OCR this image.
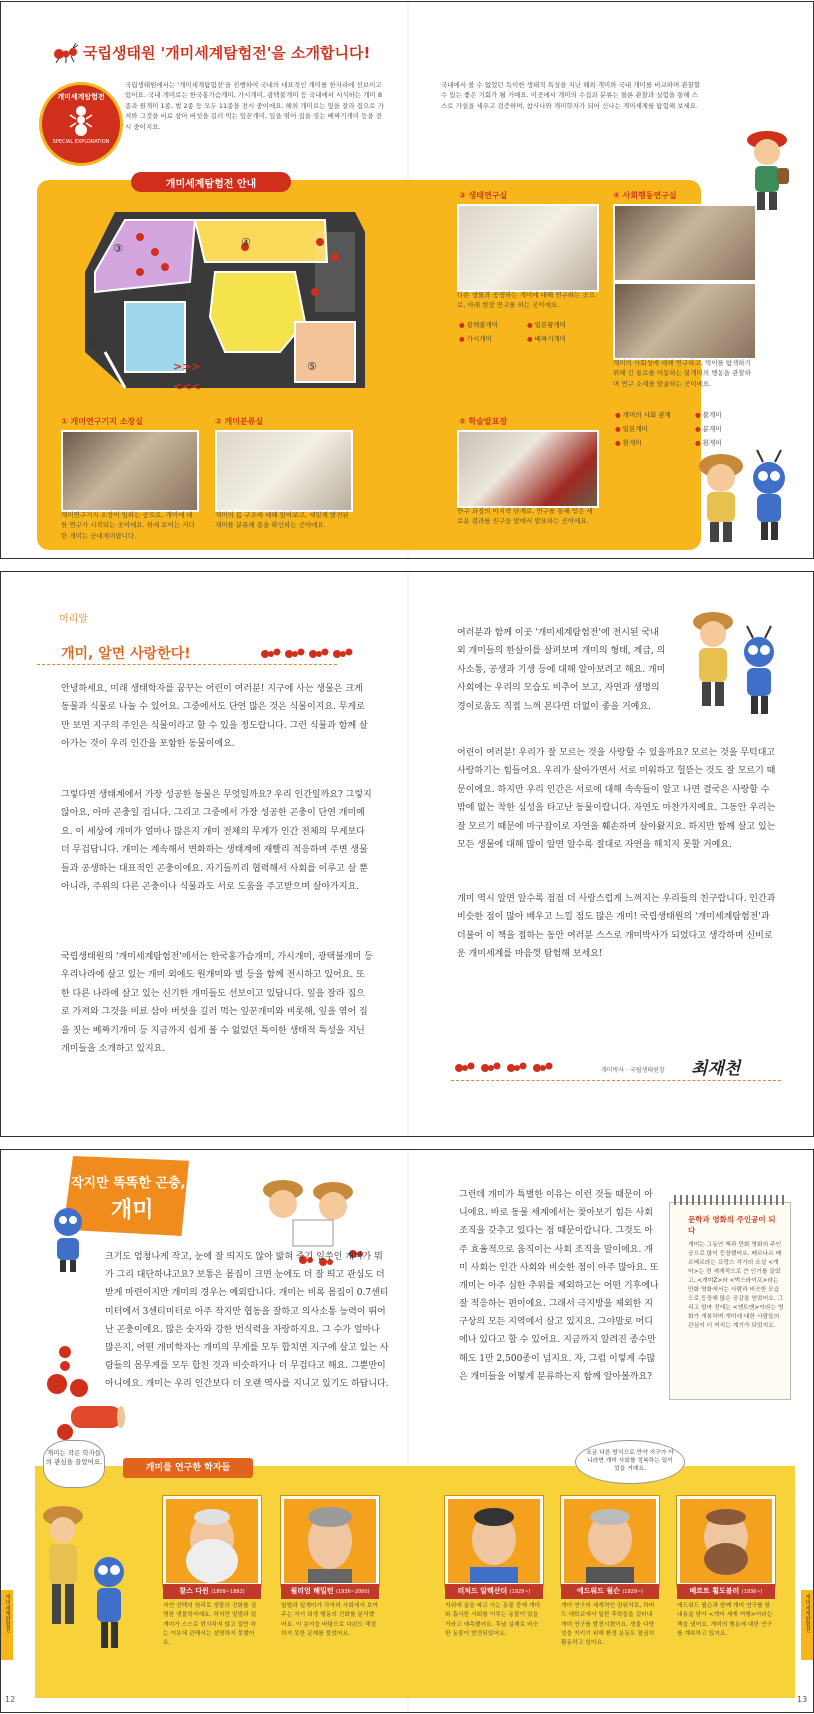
국립생태원 '개미세계탐험전'을 소개합니다!
개미세계탐험전
SPECIAL EXPLORATION
국립생태원에서는 '개미세계탐험전'을 진행하여 국내의 대표적인 개미를 한자리에 선보이고 있어요. 국내 개미로는 한국홍가슴개미, 가시개미, 광택불개미 등 국내에서 서식하는 개미 8종과 원개미 1종, 벌 2종 등 모두 11종을 전시 중이에요. 해외 개미로는 잎을 잘라 집으로 가져와 그것을 비료 삼아 버섯을 길러 먹는 잎꾼개미, 잎을 엮어 집을 짓는 베짜기개미 등을 전시 중이지요.
국내에서 볼 수 없었던 독이한 생태적 특성을 지닌 해외 개미와 국내 개미를 비교하며 관찰할 수 있는 좋은 기회가 될 거예요. 이곳에서 개미의 수집과 분류는 물론 관찰과 실험을 통해 스스로 가설을 세우고 검증하며, 참사나와 개미학자가 되어 신나는 개미세계를 탐험해 보세요.
개미세계탐험전 안내
①
②
③	④
⑤
>>>
<<<
① 개미연구기지 소장실
개미연구기지 소장이 일하는 공으로, 개미에 대한 연구가 시작되는 곳이에요. 위에 보이는 커다란 개미는 군대개미랍니다.
② 개미분류실
개미의 몸 구조에 대해 알아보고, 세밀게 발견된 개미를 분류해 종을 확인하는 곳이에요.
③ 생태연구실
다른 생물과 공생하는 개미에 대해 연구하는 곳으로, 아래 현장 연구를 하는 곳이에요.
● 광택불개미	● 일본왕개미
● 가시개미	● 베짜기개미
④ 사회행동연구실
개미의 사회성에 대해 연구하고, 먹이를 탐색하기 위해 긴 통로를 이동하는 불개미의 행동을 관찰하며 연구 소재를 발굴하는 곳이에요.
● 개미의 사회 관계	● 불개미
● 일본개미	● 분개미
● 흰개미	● 흰개미
⑤ 학술발표장
연구 과정의 마지막 단계로, 연구를 통해 얻은 새로운 결과를 친구들 앞에서 발표하는 곳이에요.
머리말
개미, 알면 사랑한다!
안녕하세요, 미래 생태학자를 꿈꾸는 어린이 여러분! 지구에 사는 생물은 크게 동물과 식물로 나눌 수 있어요. 그중에서도 단연 많은 것은 식물이지요. 무게로만 보면 지구의 주인은 식물이라고 할 수 있을 정도랍니다. 그런 식물과 함께 살아가는 것이 우리 인간을 포함한 동물이에요.
그렇다면 생태계에서 가장 성공한 동물은 무엇일까요? 우리 인간일까요? 그렇지 않아요, 아마 곤충일 겁니다. 그리고 그중에서 가장 성공한 곤충이 단연 개미예요. 이 세상에 개미가 얼마나 많은지 개미 전체의 무게가 인간 전체의 무게보다 더 무겁답니다. 개미는 계속해서 변화하는 생태계에 재빨리 적응하며 주변 생물들과 공생하는 대표적인 곤충이에요. 자기들끼리 협력해서 사회를 이루고 살 뿐 아니라, 주위의 다른 곤충이나 식물과도 서로 도움을 주고받으며 살아가지요.
국립생태원의 '개미세계탐험전'에서는 한국홍가슴개미, 가시개미, 광택불개미 등 우리나라에 살고 있는 개미 외에도 원개미와 벌 등을 함께 전시하고 있어요. 또한 다른 나라에 살고 있는 신기한 개미들도 선보이고 있답니다. 잎을 잘라 집으로 가져와 그것을 비료 삼아 버섯을 길러 먹는 잎꾼개미와 비롯해, 잎을 엮어 집을 짓는 베짜기개미 등 지금까지 쉽게 볼 수 없었던 특이한 생태적 특성을 지닌 개미들을 소개하고 있지요.
여러분과 함께 이곳 '개미세계탐험전'에 전시된 국내외 개미들의 한살이를 살펴보며 개미의 형태, 계급, 의사소통, 공생과 기생 등에 대해 알아보려고 해요. 개미 사회에는 우리의 모습도 비추어 보고, 자연과 생명의 경이로움도 직접 느껴 본다면 더없이 좋을 거예요.
어린이 여러분! 우리가 잘 모르는 것을 사랑할 수 있을까요? 모르는 것을 무턱대고 사랑하기는 힘들어요. 우리가 살아가면서 서로 미워하고 헐뜯는 것도 잘 모르기 때문이에요. 하지만 우리 인간은 서로에 대해 속속들이 알고 나면 결국은 사랑할 수밖에 없는 착한 심성을 타고난 동물이랍니다. 자연도 마찬가지예요. 그동안 우리는 잘 모르기 때문에 마구잡이로 자연을 훼손하며 살아왔지요. 하지만 함께 살고 있는 모든 생물에 대해 많이 알면 알수록 절대로 자연을 해치지 못할 거예요.
개미 역시 알면 알수록 점점 더 사랑스럽게 느껴지는 우리들의 친구랍니다. 인간과 비슷한 점이 많아 배우고 느낄 점도 많은 개미! 국립생태원의 '개미세계탐험전'과 더불어 이 책을 접하는 동안 여러분 스스로 개미박사가 되었다고 생각하며 신비로운 개미세계를 마음껏 탐험해 보세요!
개미박사 · 국립생태원장 최재천
작지만 똑똑한 곤충,
개미
크기도 엄청나게 작고, 눈에 잘 띄지도 않아 밟혀 죽기 일쑤인 개미가 뭐가 그리 대단하냐고요? 보통은 몸집이 크면 눈에도 더 잘 띄고 관심도 더 받게 마련이지만 개미의 경우는 예외랍니다. 개미는 비록 몸집이 0.7센티미터에서 3센티미터로 아주 작지만 협동을 잘하고 의사소통 능력이 뛰어난 곤충이에요. 많은 숫자와 강한 번식력을 자랑하지요. 그 수가 얼마나 많은지, 어떤 개미학자는 개미의 무게를 모두 합치면 지구에 살고 있는 사람들의 몸무게를 모두 합친 것과 비슷하거나 더 무겁다고 해요. 그뿐만이 아니에요. 개미는 우리 인간보다 더 오랜 역사를 지니고 있기도 하답니다.
그런데 개미가 특별한 이유는 이런 것들 때문이 아니에요. 바로 동물 세계에서는 찾아보기 힘든 사회 조직을 갖추고 있다는 점 때문이랍니다. 그것도 아주 효율적으로 움직이는 사회 조직을 말이에요. 개미 사회는 인간 사회와 비슷한 점이 아주 많아요. 또 개미는 아주 심한 추위를 제외하고는 어떤 기후에나 잘 적응하는 편이에요. 그래서 극지방을 제외한 지구상의 모든 지역에서 살고 있지요. 그야말로 어디에나 있다고 할 수 있어요. 지금까지 알려진 종수만 해도 1만 2,500종이 넘지요. 자, 그럼 이렇게 수많은 개미들을 어떻게 분류하는지 함께 알아볼까요?
문학과 영화의 주인공이 되다
개미는 그동안 책과 만화 영화의 주인공으로 많이 등장했어요. 베르나르 베르베르라는 프랑스 작가의 소설 <개미>는 전 세계적으로 큰 인기를 끌었고, <개미Z>와 <벅스라이프>라는 만화 영화에서는 사람과 비슷한 모습으로 등장해 많은 공감을 얻었어요. 그리고 얼마 전에는 <앤트맨>이라는 영화가 개봉하며 개미에 대한 사람들의 관심이 더 커지는 계기가 되었지요.
개미를 연구한 학자들
개미는 작은 학자들의 관심을 끌었어요.
조금 다른 방식으로 만약 지구가 아니라면 개미 사회를 정복하는 일이 었을 거예요.
찰스 다윈 (1809~1882)
자연 선택의 원리로 생물의 진화를 설명한 생물학자예요. 하지만 일벌과 일개미가 스스로 번식하지 않고 일만 하는 이유에 관해서는 설명하지 못했어요.
윌리엄 해밀턴 (1936~2000)
일벌과 일개미가 각자의 사회에서 보여 주는 자기 희생 행동의 진화를 분석했어요. 이 분석을 바탕으로 다윈도 해결하지 못한 문제를 풀었어요.
리처드 알렉산더 (1929~)
지위에 굴을 파고 사는 동물 중에 개미와 흡사한 사회를 이루는 동물이 있을 거라고 예측했어요. 후날 실제로 비슷한 동물이 발견되었어요.
에드워드 윌슨 (1929~)
개미 연구의 세계적인 권위자로, 하버드 대학교에서 일한 후학들을 길러내 개미 연구를 발전시켰어요. 생물 다양성을 지키기 위해 환경 운동도 열심히 활동하고 있어요.
베르트 횔도블러 (1936~)
에드워드 윌슨과 함께 개미 연구를 한 내용을 담아 <개미 세계 여행>이라는 책을 냈어요. 개미의 행동에 대한 연구를 계속하고 있지요.
개미세계탐험전	개미세계탐험전
12	13
